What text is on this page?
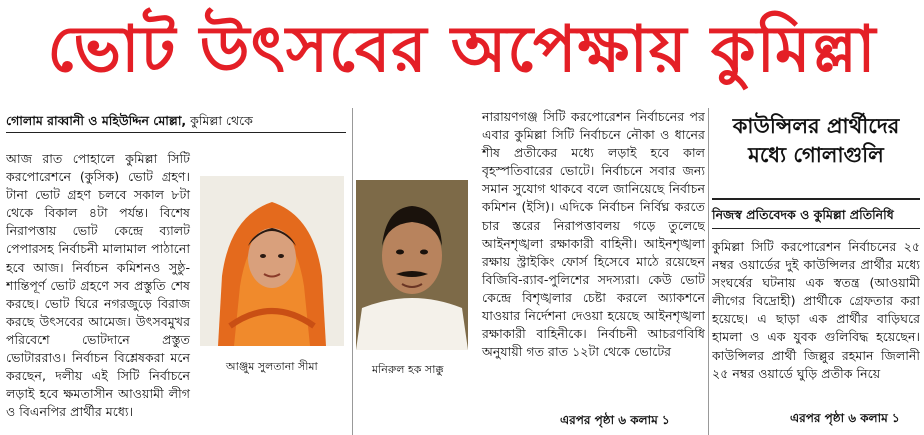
ভোট উৎসবের অপেক্ষায় কুমিল্লা
গোলাম রাব্বানী ও মহিউদ্দিন মোল্লা, কুমিল্লা থেকে
আজ রাত পোহালে কুমিল্লা সিটি করপোরেশনে (কুসিক) ভোট গ্রহণ। টানা ভোট গ্রহণ চলবে সকাল ৮টা থেকে বিকাল ৪টা পর্যন্ত। বিশেষ নিরাপত্তায় ভোট কেন্দ্রে ব্যালট পেপারসহ নির্বাচনী মালামাল পাঠানো হবে আজ। নির্বাচন কমিশনও সুষ্ঠু-শান্তিপূর্ণ ভোট গ্রহণে সব প্রস্তুতি শেষ করছে। ভোট ঘিরে নগরজুড়ে বিরাজ করছে উৎসবের আমেজ। উৎসবমুখর পরিবেশে ভোটদানে প্রস্তুত ভোটাররাও। নির্বাচন বিশ্লেষকরা মনে করছেন, দলীয় এই সিটি নির্বাচনে লড়াই হবে ক্ষমতাসীন আওয়ামী লীগ ও বিএনপির প্রার্থীর মধ্যে।
নারায়ণগঞ্জ সিটি করপোরেশন নির্বাচনের পর এবার কুমিল্লা সিটি নির্বাচনে নৌকা ও ধানের শীষ প্রতীকের মধ্যে লড়াই হবে কাল বৃহস্পতিবারের ভোটে। নির্বাচনে সবার জন্য সমান সুযোগ থাকবে বলে জানিয়েছে নির্বাচন কমিশন (ইসি)। এদিকে নির্বাচন নির্বিঘ্ন করতে চার স্তরের নিরাপত্তাবলয় গড়ে তুলেছে আইনশৃঙ্খলা রক্ষাকারী বাহিনী। আইনশৃঙ্খলা রক্ষায় স্ট্রাইকিং ফোর্স হিসেবে মাঠে রয়েছেন বিজিবি-র‌্যাব-পুলিশের সদস্যরা। কেউ ভোট কেন্দ্রে বিশৃঙ্খলার চেষ্টা করলে অ্যাকশনে যাওয়ার নির্দেশনা দেওয়া হয়েছে আইনশৃঙ্খলা রক্ষাকারী বাহিনীকে। নির্বাচনী আচরণবিধি অনুযায়ী গত রাত ১২টা থেকে ভোটের
আঞ্জুম সুলতানা সীমা	মনিরুল হক সাক্কু
এরপর পৃষ্ঠা ৬ কলাম ১
কাউন্সিলর প্রার্থীদের মধ্যে গোলাগুলি
নিজস্ব প্রতিবেদক ও কুমিল্লা প্রতিনিধি
কুমিল্লা সিটি করপোরেশন নির্বাচনের ২৫ নম্বর ওয়ার্ডের দুই কাউন্সিলর প্রার্থীর মধ্যে সংঘর্ষের ঘটনায় এক স্বতন্ত্র (আওয়ামী লীগের বিদ্রোহী) প্রার্থীকে গ্রেফতার করা হয়েছে। এ ছাড়া এক প্রার্থীর বাড়িঘরে হামলা ও এক যুবক গুলিবিদ্ধ হয়েছেন। কাউন্সিলর প্রার্থী জিল্লুর রহমান জিলানী ২৫ নম্বর ওয়ার্ডে ঘুড়ি প্রতীক নিয়ে
এরপর পৃষ্ঠা ৬ কলাম ১
